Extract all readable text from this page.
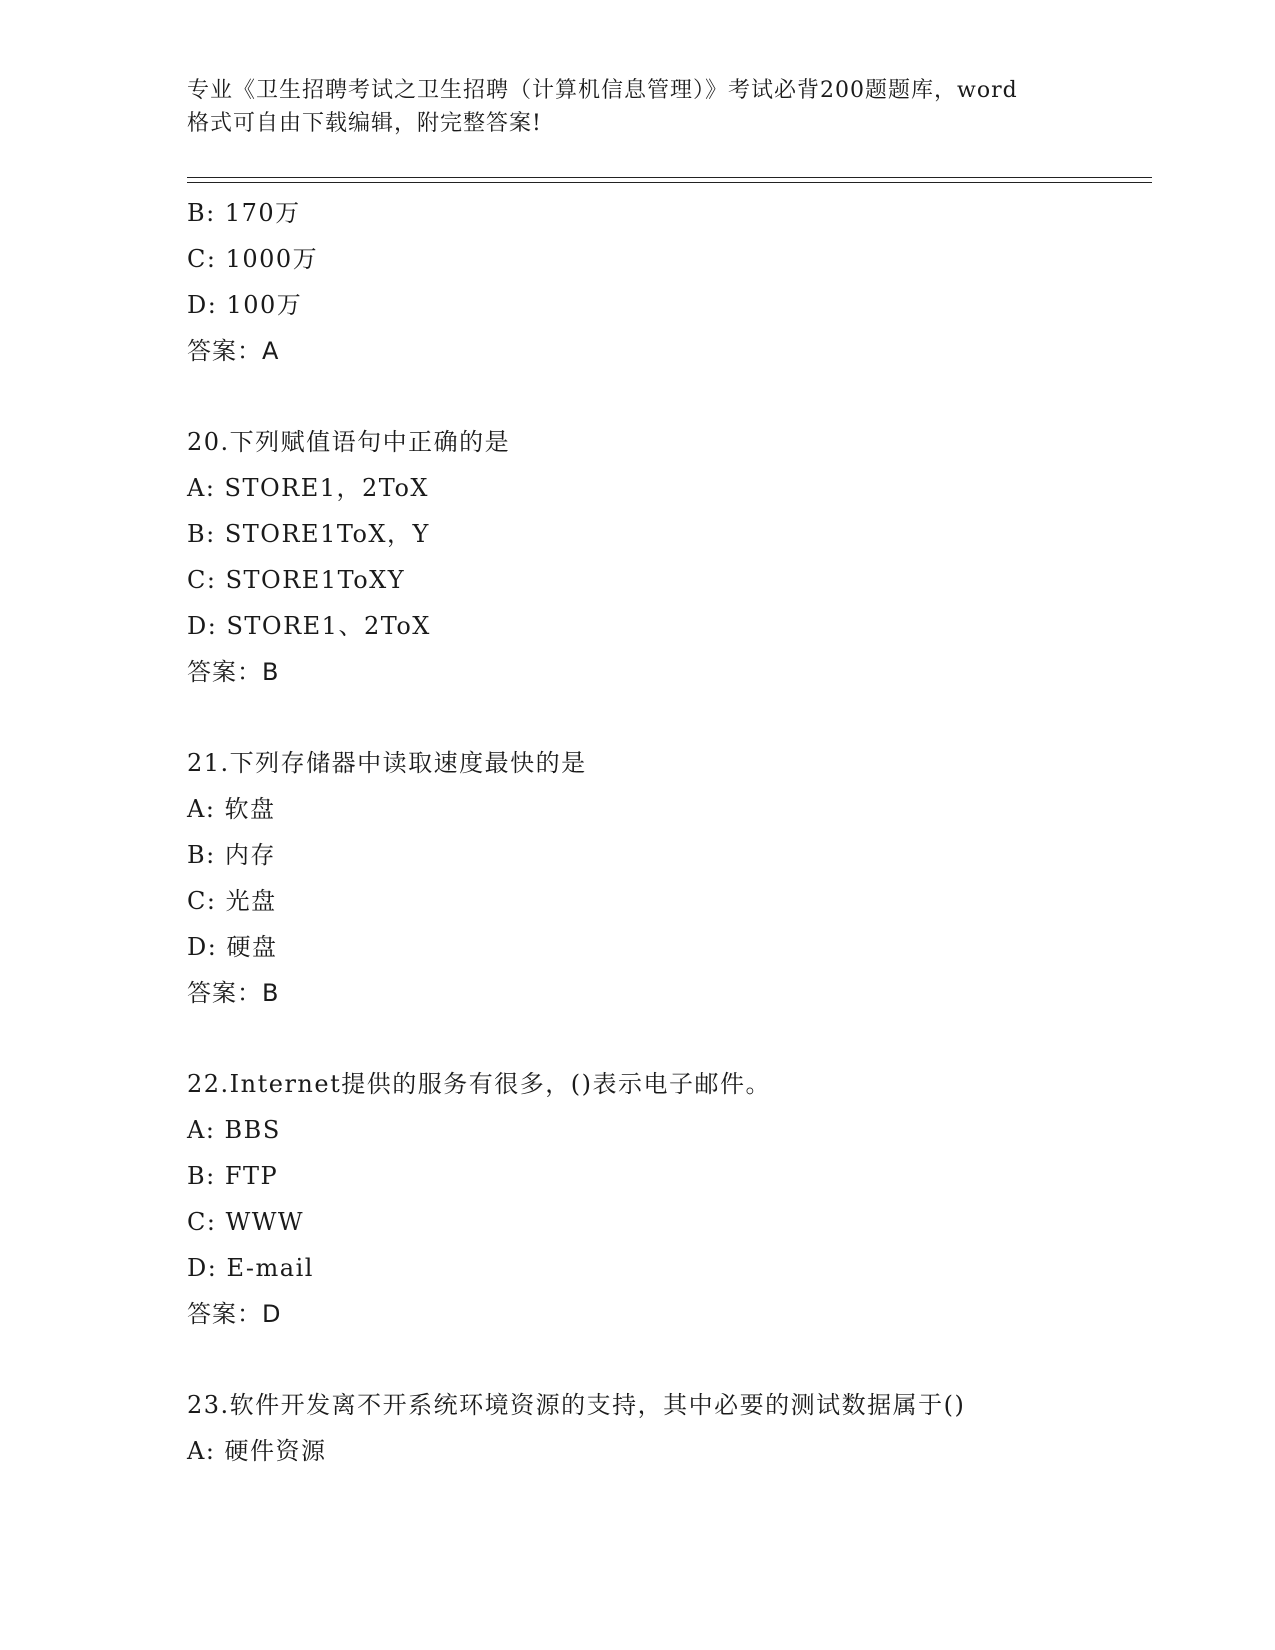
专业《卫生招聘考试之卫生招聘（计算机信息管理）》考试必背200题题库，word
格式可自由下载编辑，附完整答案!
B: 170万
C: 1000万
D: 100万
答案：A
20.下列赋值语句中正确的是
A: STORE1，2ToX
B: STORE1ToX，Y
C: STORE1ToXY
D: STORE1、2ToX
答案：B
21.下列存储器中读取速度最快的是
A: 软盘
B: 内存
C: 光盘
D: 硬盘
答案：B
22.Internet提供的服务有很多，()表示电子邮件。
A: BBS
B: FTP
C: WWW
D: E-mail
答案：D
23.软件开发离不开系统环境资源的支持，其中必要的测试数据属于()
A: 硬件资源
